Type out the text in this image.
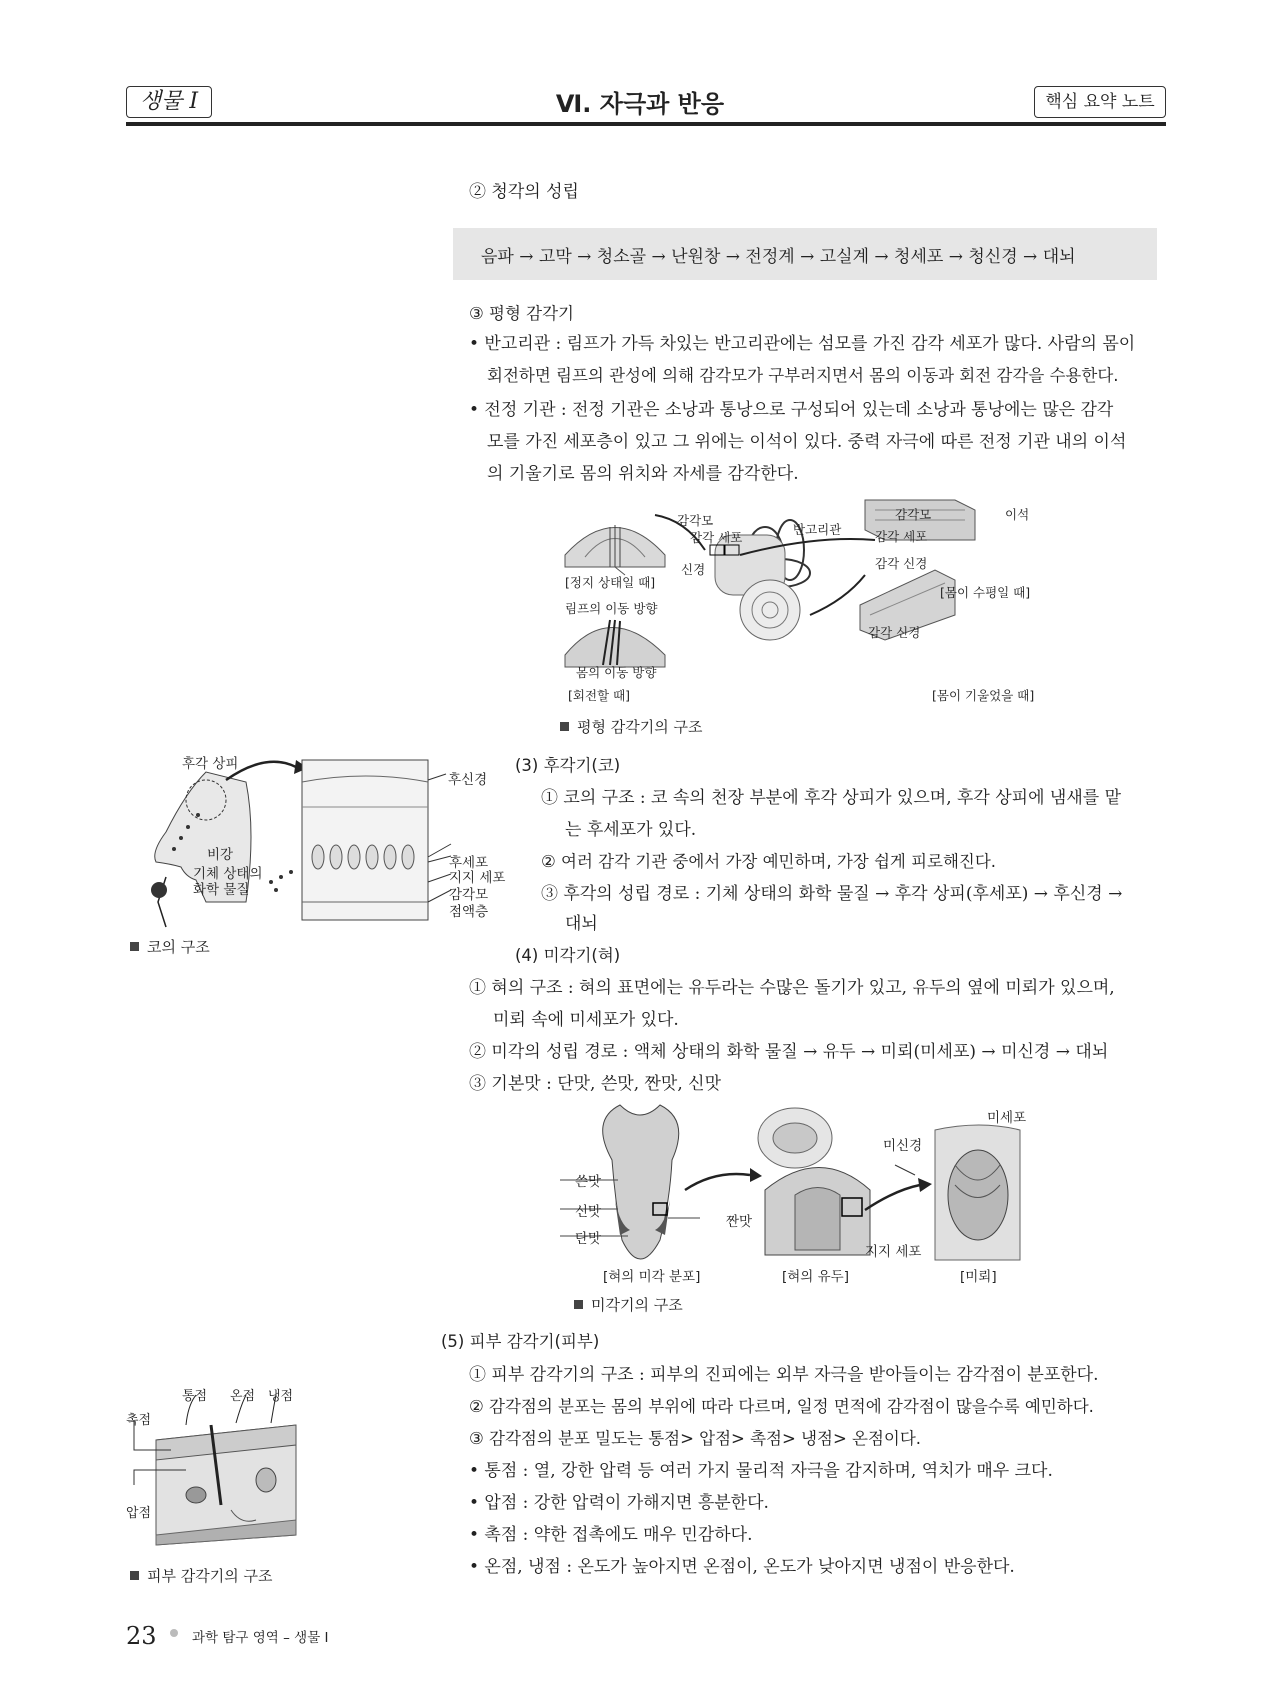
생물 Ⅰ	Ⅵ. 자극과 반응	핵심 요약 노트
② 청각의 성립
음파 → 고막 → 청소골 → 난원창 → 전정계 → 고실계 → 청세포 → 청신경 → 대뇌
③ 평형 감각기
• 반고리관 : 림프가 가득 차있는 반고리관에는 섬모를 가진 감각 세포가 많다. 사람의 몸이
회전하면 림프의 관성에 의해 감각모가 구부러지면서 몸의 이동과 회전 감각을 수용한다.
• 전정 기관 : 전정 기관은 소낭과 통낭으로 구성되어 있는데 소낭과 통낭에는 많은 감각
모를 가진 세포층이 있고 그 위에는 이석이 있다. 중력 자극에 따른 전정 기관 내의 이석
의 기울기로 몸의 위치와 자세를 감각한다.
감각모
감각 세포
신경
[정지 상태일 때]
림프의 이동 방향
몸의 이동 방향
[회전할 때]
반고리관
감각 신경
감각모	이석
감각 세포
감각 신경
[몸이 수평일 때]
[몸이 기울었을 때]
평형 감각기의 구조
(3) 후각기(코)
① 코의 구조 : 코 속의 천장 부분에 후각 상피가 있으며, 후각 상피에 냄새를 맡
는 후세포가 있다.
② 여러 감각 기관 중에서 가장 예민하며, 가장 쉽게 피로해진다.
③ 후각의 성립 경로 : 기체 상태의 화학 물질 → 후각 상피(후세포) → 후신경 →
대뇌
후각 상피
비강
기체 상태의
화학 물질
후신경
후세포
지지 세포
감각모
점액층
코의 구조	(4) 미각기(혀)
① 혀의 구조 : 혀의 표면에는 유두라는 수많은 돌기가 있고, 유두의 옆에 미뢰가 있으며,
미뢰 속에 미세포가 있다.
② 미각의 성립 경로 : 액체 상태의 화학 물질 → 유두 → 미뢰(미세포) → 미신경 → 대뇌
③ 기본맛 : 단맛, 쓴맛, 짠맛, 신맛
쓴맛
신맛
단맛
짠맛
미세포
미신경
지지 세포
[혀의 미각 분포]	[혀의 유두]	[미뢰]
미각기의 구조
(5) 피부 감각기(피부)
① 피부 감각기의 구조 : 피부의 진피에는 외부 자극을 받아들이는 감각점이 분포한다.
② 감각점의 분포는 몸의 부위에 따라 다르며, 일정 면적에 감각점이 많을수록 예민하다.
③ 감각점의 분포 밀도는 통점> 압점> 촉점> 냉점> 온점이다.
• 통점 : 열, 강한 압력 등 여러 가지 물리적 자극을 감지하며, 역치가 매우 크다.
• 압점 : 강한 압력이 가해지면 흥분한다.
• 촉점 : 약한 접촉에도 매우 민감하다.
• 온점, 냉점 : 온도가 높아지면 온점이, 온도가 낮아지면 냉점이 반응한다.
통점 온점 냉점
촉점
압점
피부 감각기의 구조
23	과학 탐구 영역 – 생물 Ⅰ
